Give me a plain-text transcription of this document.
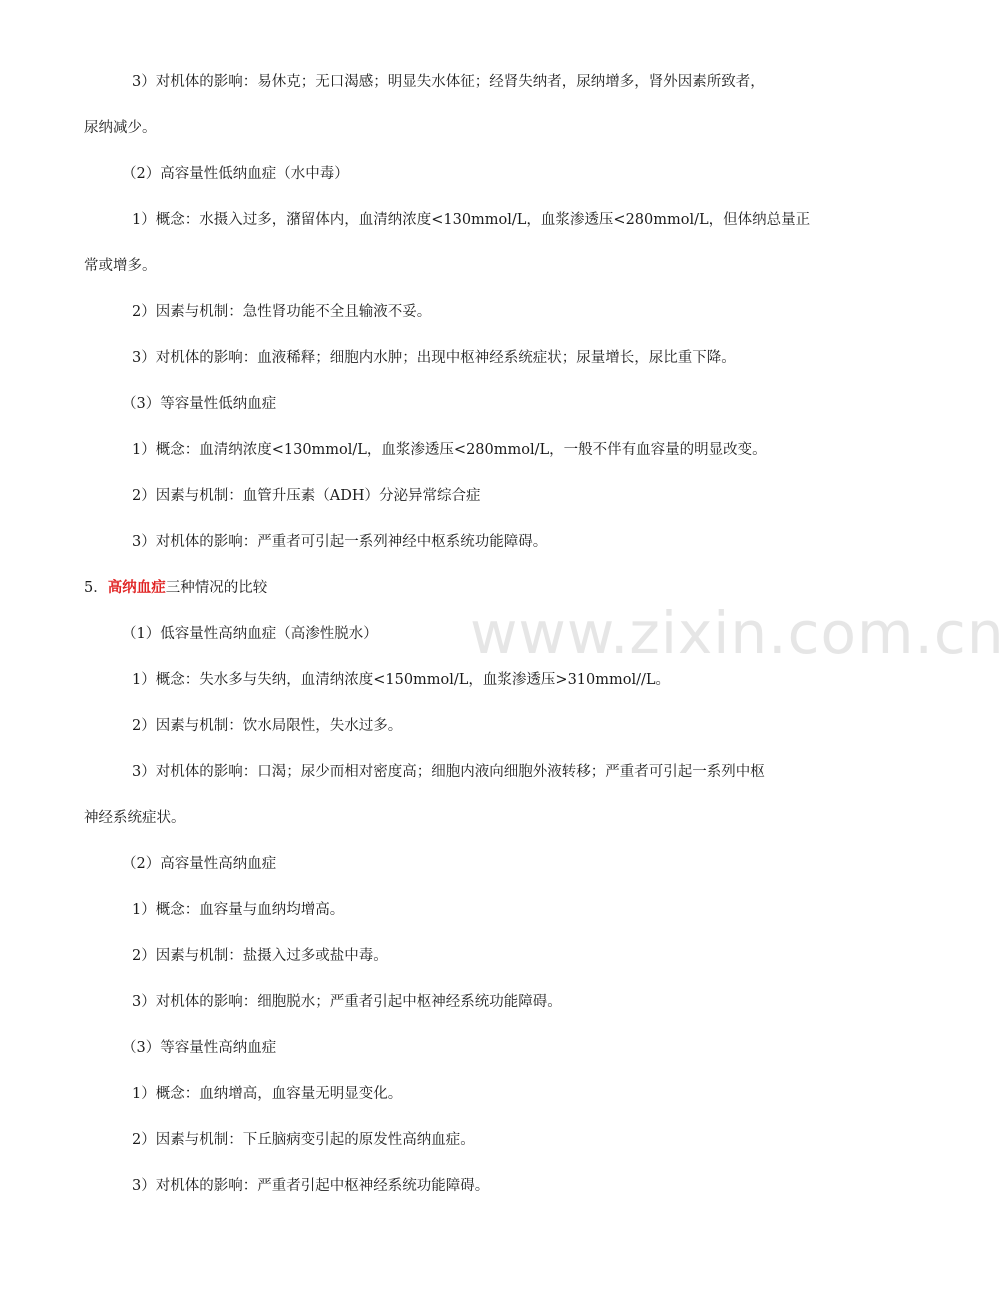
www.zixin.com.cn
3）对机体的影响：易休克；无口渴感；明显失水体征；经肾失纳者，尿纳增多，肾外因素所致者，
尿纳减少。
（2）高容量性低纳血症（水中毒）
1）概念：水摄入过多，潴留体内，血清纳浓度<130mmol/L，血浆渗透压<280mmol/L，但体纳总量正
常或增多。
2）因素与机制：急性肾功能不全且输液不妥。
3）对机体的影响：血液稀释；细胞内水肿；出现中枢神经系统症状；尿量增长，尿比重下降。
（3）等容量性低纳血症
1）概念：血清纳浓度<130mmol/L，血浆渗透压<280mmol/L，一般不伴有血容量的明显改变。
2）因素与机制：血管升压素（ADH）分泌异常综合症
3）对机体的影响：严重者可引起一系列神经中枢系统功能障碍。
5．高纳血症三种情况的比较
（1）低容量性高纳血症（高渗性脱水）
1）概念：失水多与失纳，血清纳浓度<150mmol/L，血浆渗透压>310mmol//L。
2）因素与机制：饮水局限性，失水过多。
3）对机体的影响：口渴；尿少而相对密度高；细胞内液向细胞外液转移；严重者可引起一系列中枢
神经系统症状。
（2）高容量性高纳血症
1）概念：血容量与血纳均增高。
2）因素与机制：盐摄入过多或盐中毒。
3）对机体的影响：细胞脱水；严重者引起中枢神经系统功能障碍。
（3）等容量性高纳血症
1）概念：血纳增高，血容量无明显变化。
2）因素与机制：下丘脑病变引起的原发性高纳血症。
3）对机体的影响：严重者引起中枢神经系统功能障碍。
